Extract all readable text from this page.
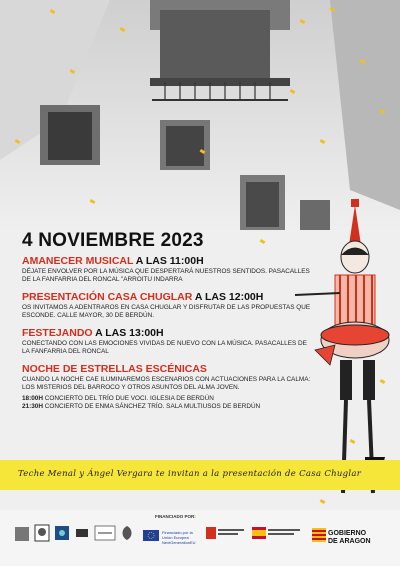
4 NOVIEMBRE 2023
AMANECER MUSICAL A LAS 11:00H
DÉJATE ENVOLVER POR LA MÚSICA QUE DESPERTARÁ NUESTROS SENTIDOS. PASACALLES DE LA FANFARRIA DEL RONCAL "ARROITU INDARRA
PRESENTACIÓN CASA CHUGLAR A LAS 12:00H
OS INVITAMOS A ADENTRAROS EN CASA CHUGLAR Y DISFRUTAR DE LAS PROPUESTAS QUE ESCONDE. CALLE MAYOR, 30 DE BERDÚN.
FESTEJANDO A LAS 13:00H
CONECTANDO CON LAS EMOCIONES VIVIDAS DE NUEVO CON LA MÚSICA. PASACALLES DE LA FANFARRIA DEL RONCAL
NOCHE DE ESTRELLAS ESCÉNICAS
CUANDO LA NOCHE CAE ILUMINAREMOS ESCENARIOS CON ACTUACIONES PARA LA CALMA: LOS MISTERIOS DEL BARROCO Y OTROS ASUNTOS DEL ALMA JOVEN.
18:00H CONCIERTO DEL TRÍO DUE VOCI. IGLESIA DE BERDÚN
21:30H CONCIERTO DE ENMA SÁNCHEZ TRÍO. SALA MULTIUSOS DE BERDÚN
Teche Menal y Ángel Vergara te invitan a la presentación de Casa Chuglar
FINANCIADO POR:
Financiado por la Unión Europea NextGenerationEU
GOBIERNO
DE ARAGON
